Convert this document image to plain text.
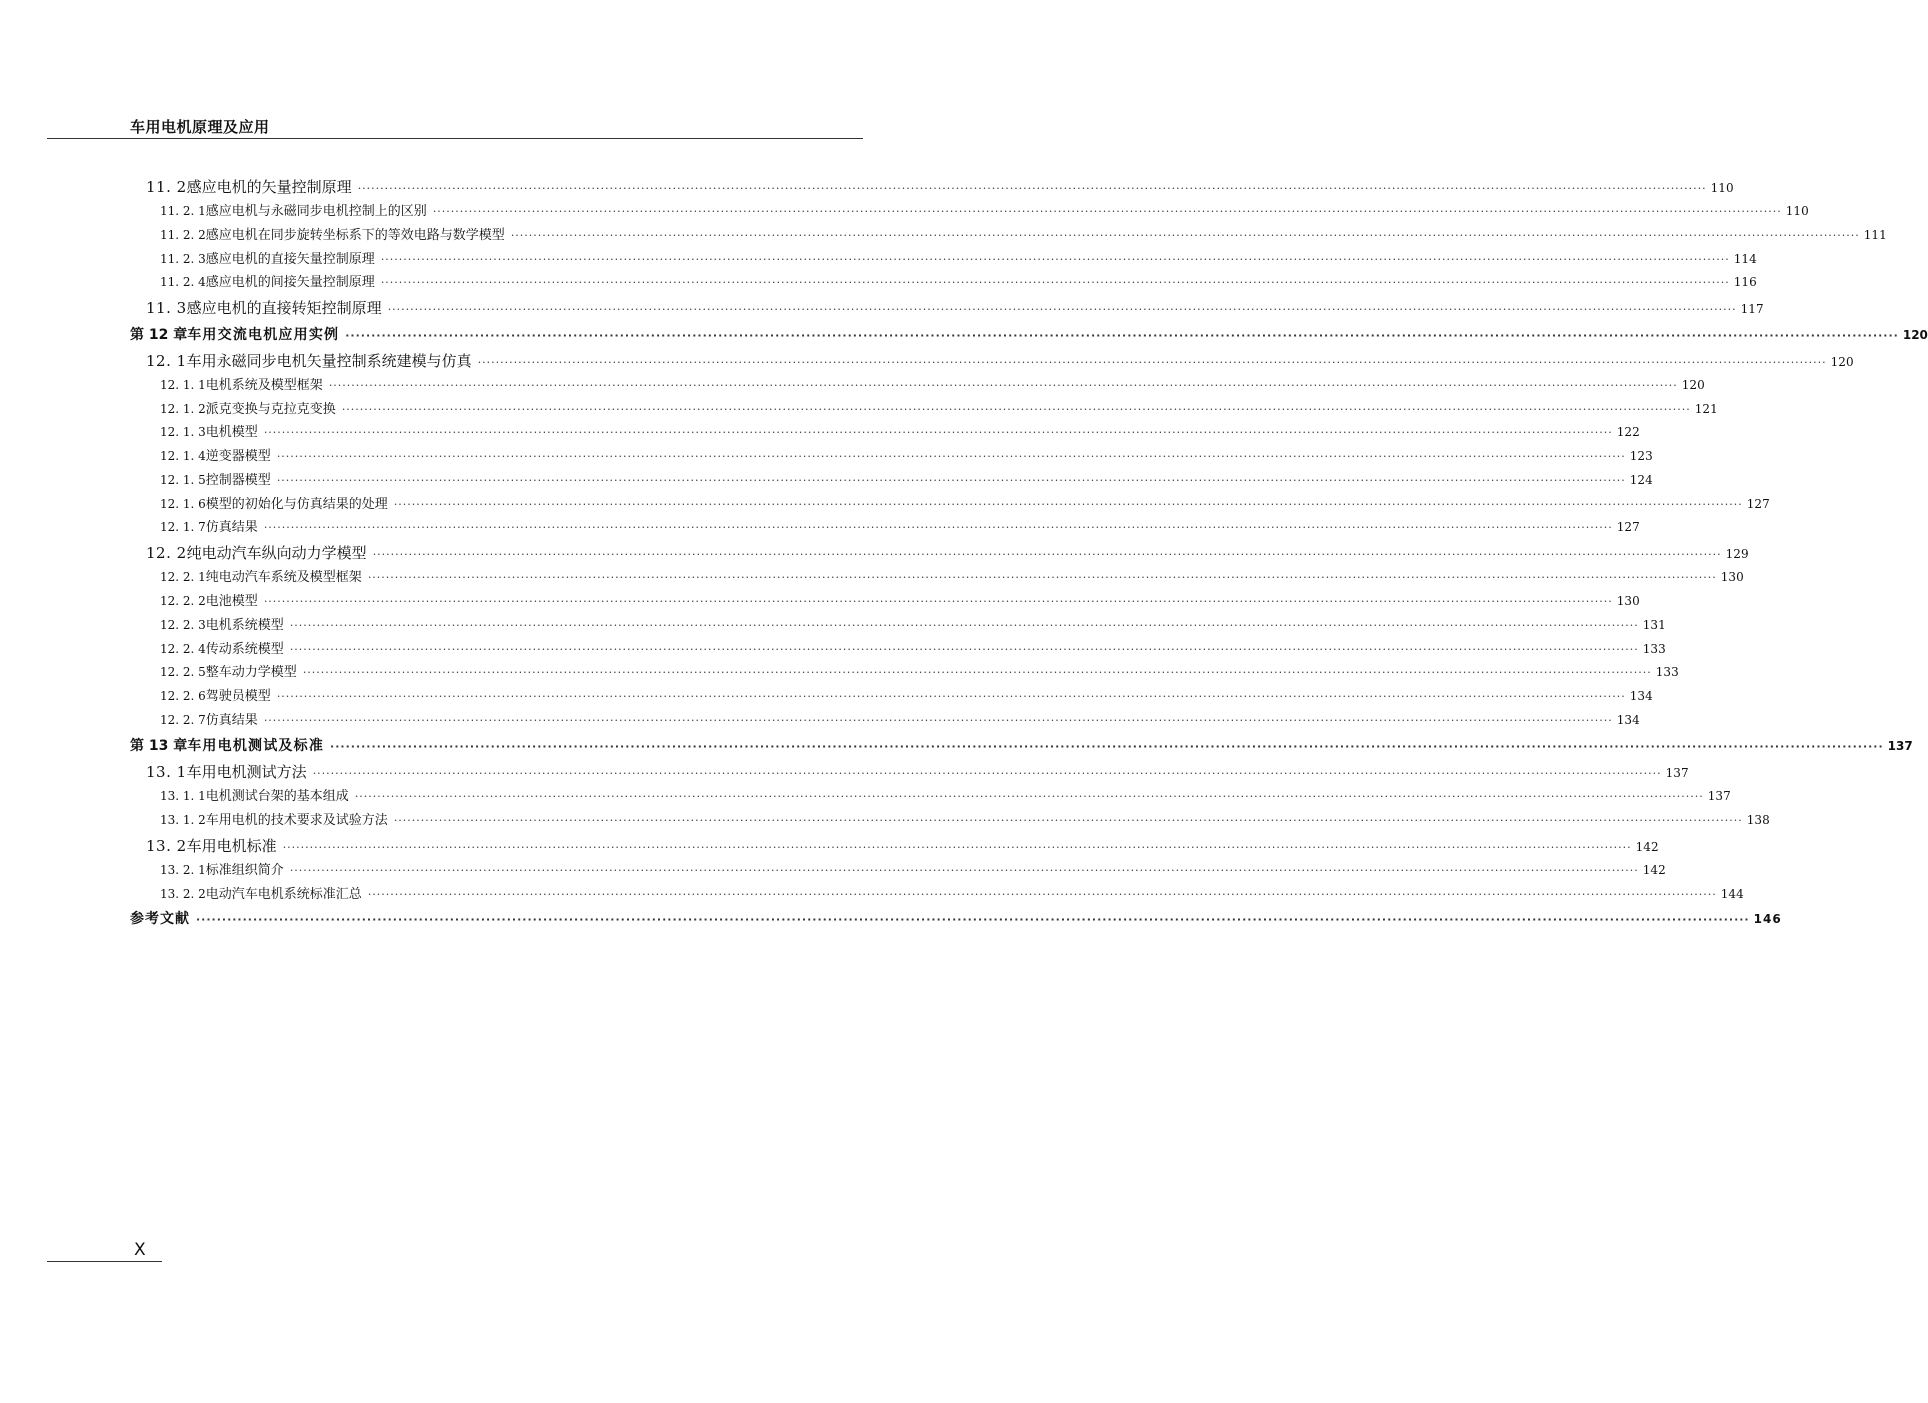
车用电机原理及应用
11. 2 感应电机的矢量控制原理 ············································································································································································································································································································ 110
11. 2. 1 感应电机与永磁同步电机控制上的区别 ············································································································································································································································································································ 110
11. 2. 2 感应电机在同步旋转坐标系下的等效电路与数学模型 ············································································································································································································································································································ 111
11. 2. 3 感应电机的直接矢量控制原理 ············································································································································································································································································································ 114
11. 2. 4 感应电机的间接矢量控制原理 ············································································································································································································································································································ 116
11. 3 感应电机的直接转矩控制原理 ············································································································································································································································································································ 117
第 12 章 车用交流电机应用实例 ············································································································································································································································································································ 120
12. 1 车用永磁同步电机矢量控制系统建模与仿真 ············································································································································································································································································································ 120
12. 1. 1 电机系统及模型框架 ············································································································································································································································································································ 120
12. 1. 2 派克变换与克拉克变换 ············································································································································································································································································································ 121
12. 1. 3 电机模型 ············································································································································································································································································································ 122
12. 1. 4 逆变器模型 ············································································································································································································································································································ 123
12. 1. 5 控制器模型 ············································································································································································································································································································ 124
12. 1. 6 模型的初始化与仿真结果的处理 ············································································································································································································································································································ 127
12. 1. 7 仿真结果 ············································································································································································································································································································ 127
12. 2 纯电动汽车纵向动力学模型 ············································································································································································································································································································ 129
12. 2. 1 纯电动汽车系统及模型框架 ············································································································································································································································································································ 130
12. 2. 2 电池模型 ············································································································································································································································································································ 130
12. 2. 3 电机系统模型 ············································································································································································································································································································ 131
12. 2. 4 传动系统模型 ············································································································································································································································································································ 133
12. 2. 5 整车动力学模型 ············································································································································································································································································································ 133
12. 2. 6 驾驶员模型 ············································································································································································································································································································ 134
12. 2. 7 仿真结果 ············································································································································································································································································································ 134
第 13 章 车用电机测试及标准 ············································································································································································································································································································ 137
13. 1 车用电机测试方法 ············································································································································································································································································································ 137
13. 1. 1 电机测试台架的基本组成 ············································································································································································································································································································ 137
13. 1. 2 车用电机的技术要求及试验方法 ············································································································································································································································································································ 138
13. 2 车用电机标准 ············································································································································································································································································································ 142
13. 2. 1 标准组织简介 ············································································································································································································································································································ 142
13. 2. 2 电动汽车电机系统标准汇总 ············································································································································································································································································································ 144
参考文献 ············································································································································································································································································································ 146
X
